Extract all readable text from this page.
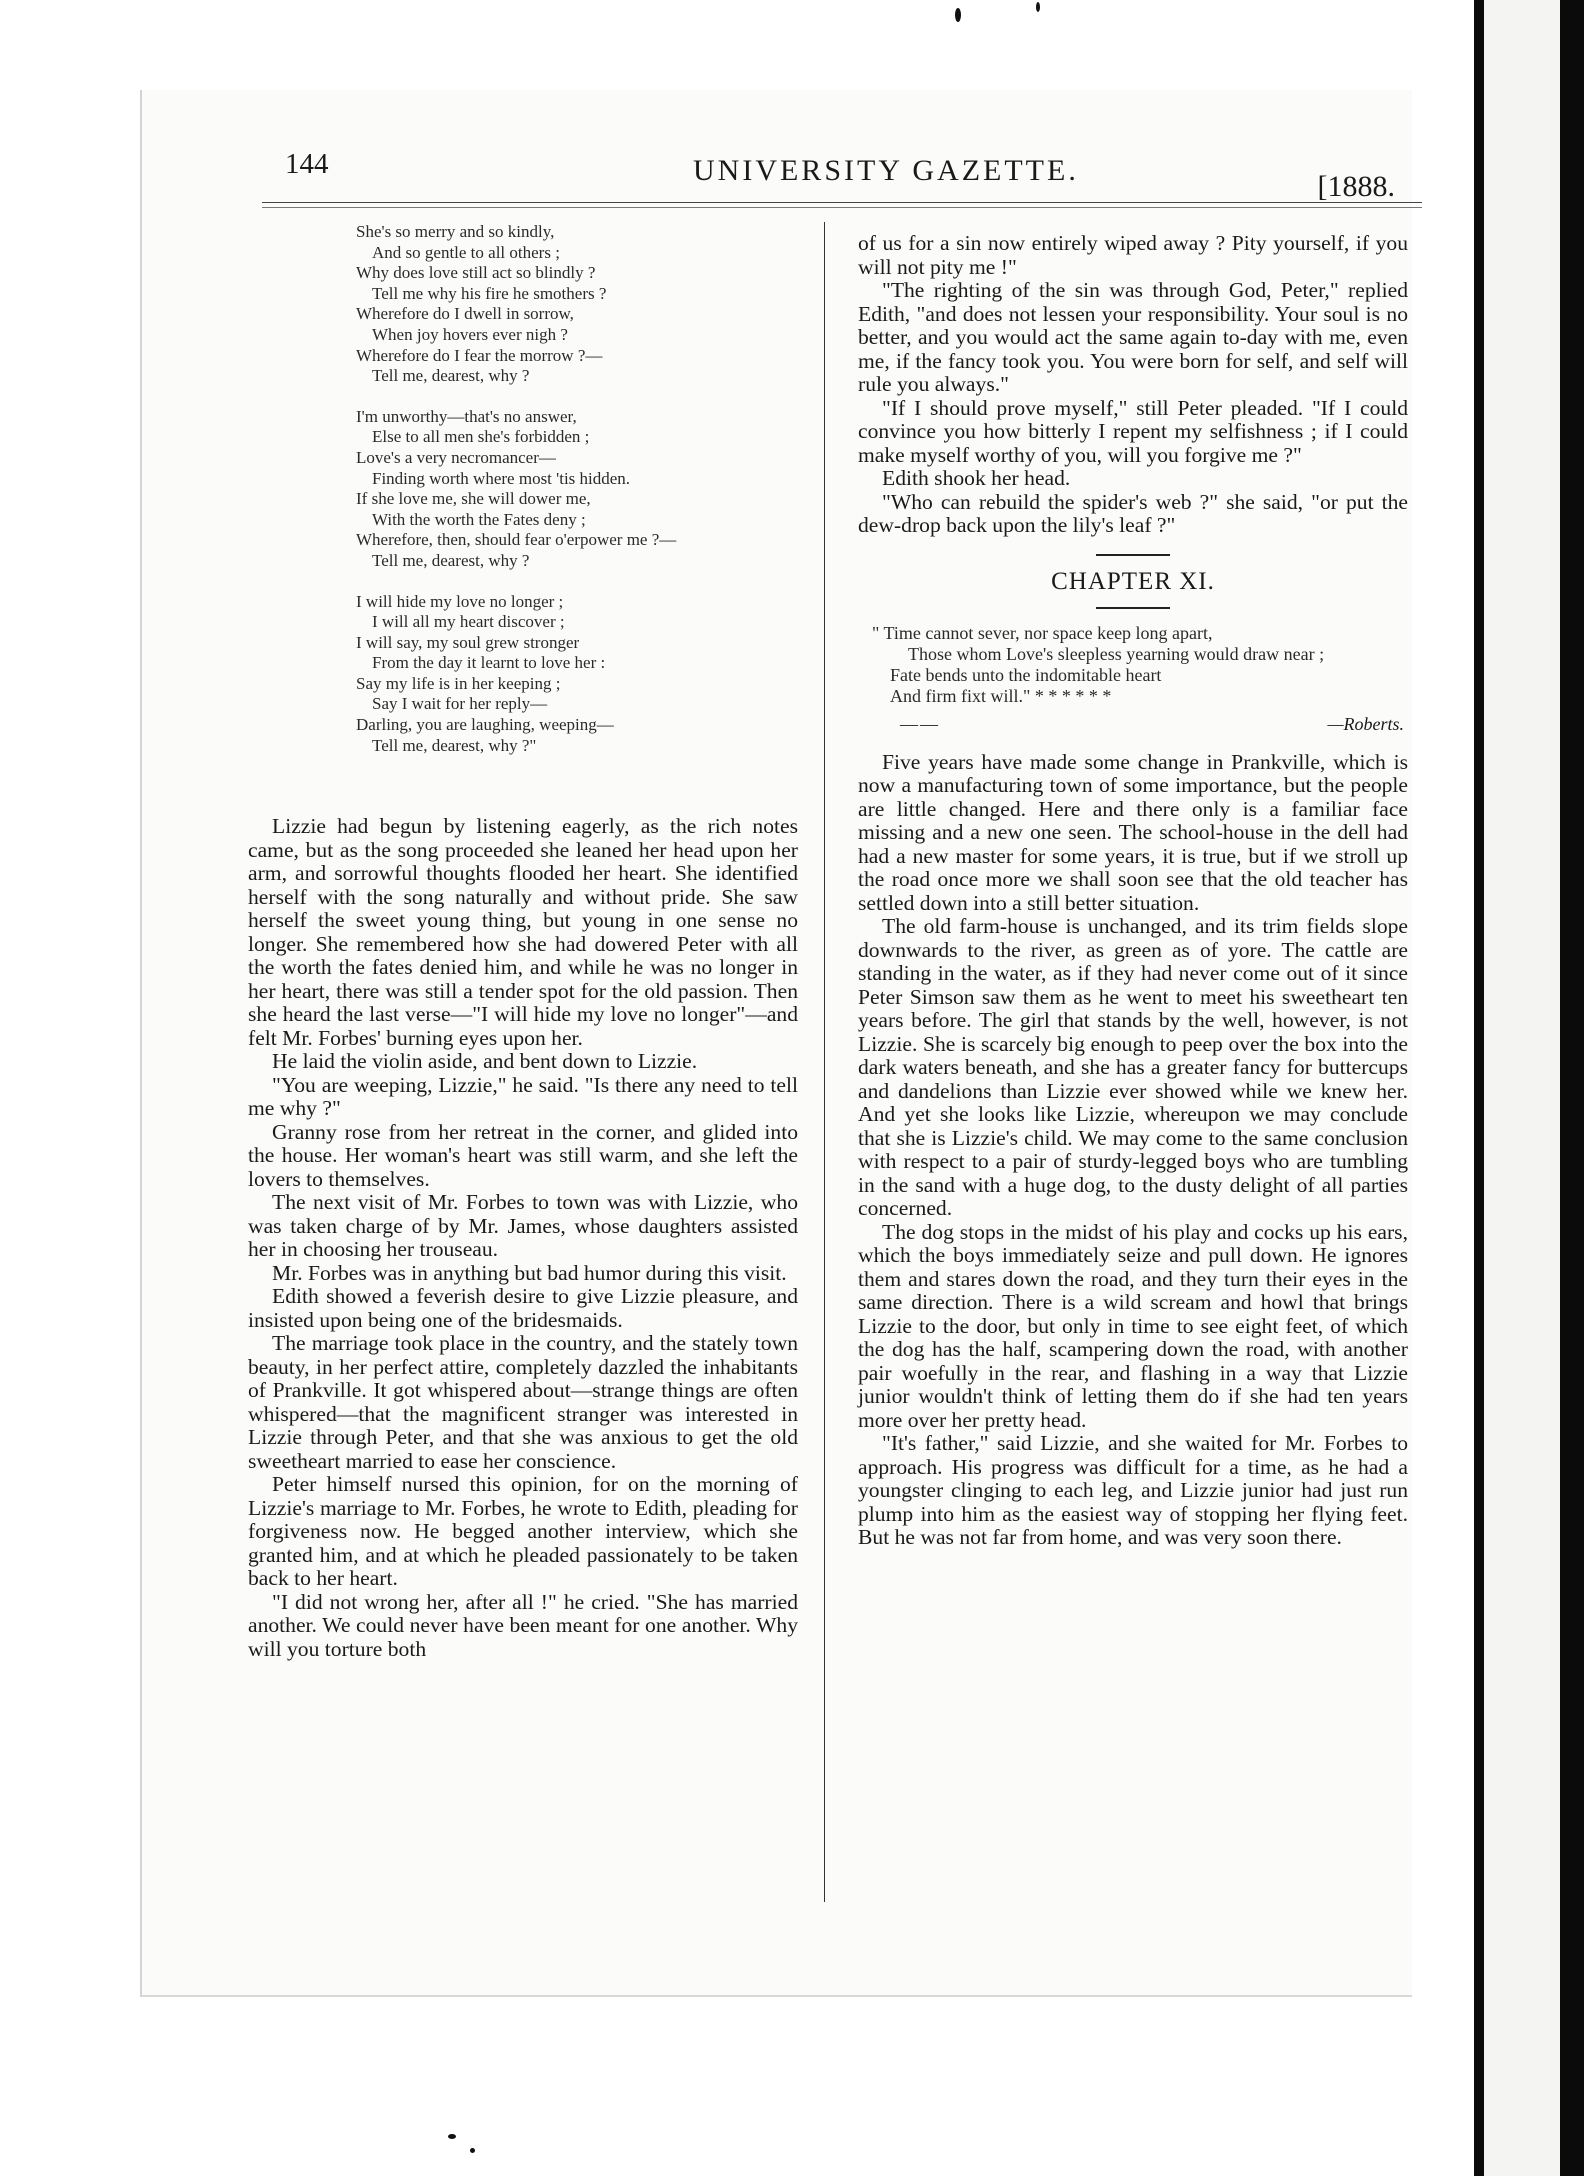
144	UNIVERSITY GAZETTE.	[1888.
She's so merry and so kindly,
And so gentle to all others ;
Why does love still act so blindly ?
Tell me why his fire he smothers ?
Wherefore do I dwell in sorrow,
When joy hovers ever nigh ?
Wherefore do I fear the morrow ?—
Tell me, dearest, why ?
I'm unworthy—that's no answer,
Else to all men she's forbidden ;
Love's a very necromancer—
Finding worth where most 'tis hidden.
If she love me, she will dower me,
With the worth the Fates deny ;
Wherefore, then, should fear o'erpower me ?—
Tell me, dearest, why ?
I will hide my love no longer ;
I will all my heart discover ;
I will say, my soul grew stronger
From the day it learnt to love her :
Say my life is in her keeping ;
Say I wait for her reply—
Darling, you are laughing, weeping—
Tell me, dearest, why ?"

Lizzie had begun by listening eagerly, as the rich notes came, but as the song proceeded she leaned her head upon her arm, and sorrowful thoughts flooded her heart. She identified herself with the song naturally and without pride. She saw herself the sweet young thing, but young in one sense no longer. She remembered how she had dowered Peter with all the worth the fates denied him, and while he was no longer in her heart, there was still a tender spot for the old passion. Then she heard the last verse—"I will hide my love no longer"—and felt Mr. Forbes' burning eyes upon her.

He laid the violin aside, and bent down to Lizzie.

"You are weeping, Lizzie," he said. "Is there any need to tell me why ?"

Granny rose from her retreat in the corner, and glided into the house. Her woman's heart was still warm, and she left the lovers to themselves.

The next visit of Mr. Forbes to town was with Lizzie, who was taken charge of by Mr. James, whose daughters assisted her in choosing her trouseau.

Mr. Forbes was in anything but bad humor during this visit.

Edith showed a feverish desire to give Lizzie pleasure, and insisted upon being one of the bridesmaids.

The marriage took place in the country, and the stately town beauty, in her perfect attire, completely dazzled the inhabitants of Prankville. It got whispered about—strange things are often whispered—that the magnificent stranger was interested in Lizzie through Peter, and that she was anxious to get the old sweetheart married to ease her conscience.

Peter himself nursed this opinion, for on the morning of Lizzie's marriage to Mr. Forbes, he wrote to Edith, pleading for forgiveness now. He begged another interview, which she granted him, and at which he pleaded passionately to be taken back to her heart.

"I did not wrong her, after all !" he cried. "She has married another. We could never have been meant for one another. Why will you torture both

of us for a sin now entirely wiped away ? Pity yourself, if you will not pity me !"

"The righting of the sin was through God, Peter," replied Edith, "and does not lessen your responsibility. Your soul is no better, and you would act the same again to-day with me, even me, if the fancy took you. You were born for self, and self will rule you always."

"If I should prove myself," still Peter pleaded. "If I could convince you how bitterly I repent my selfishness ; if I could make myself worthy of you, will you forgive me ?"

Edith shook her head.

"Who can rebuild the spider's web ?" she said, "or put the dew-drop back upon the lily's leaf ?"

CHAPTER XI.
" Time cannot sever, nor space keep long apart,
Those whom Love's sleepless yearning would draw near ;
Fate bends unto the indomitable heart
And firm fixt will." * * * * * *
——	—Roberts.

Five years have made some change in Prankville, which is now a manufacturing town of some importance, but the people are little changed. Here and there only is a familiar face missing and a new one seen. The school-house in the dell had had a new master for some years, it is true, but if we stroll up the road once more we shall soon see that the old teacher has settled down into a still better situation.

The old farm-house is unchanged, and its trim fields slope downwards to the river, as green as of yore. The cattle are standing in the water, as if they had never come out of it since Peter Simson saw them as he went to meet his sweetheart ten years before. The girl that stands by the well, however, is not Lizzie. She is scarcely big enough to peep over the box into the dark waters beneath, and she has a greater fancy for buttercups and dandelions than Lizzie ever showed while we knew her. And yet she looks like Lizzie, whereupon we may conclude that she is Lizzie's child. We may come to the same conclusion with respect to a pair of sturdy-legged boys who are tumbling in the sand with a huge dog, to the dusty delight of all parties concerned.

The dog stops in the midst of his play and cocks up his ears, which the boys immediately seize and pull down. He ignores them and stares down the road, and they turn their eyes in the same direction. There is a wild scream and howl that brings Lizzie to the door, but only in time to see eight feet, of which the dog has the half, scampering down the road, with another pair woefully in the rear, and flashing in a way that Lizzie junior wouldn't think of letting them do if she had ten years more over her pretty head.

"It's father," said Lizzie, and she waited for Mr. Forbes to approach. His progress was difficult for a time, as he had a youngster clinging to each leg, and Lizzie junior had just run plump into him as the easiest way of stopping her flying feet. But he was not far from home, and was very soon there.
